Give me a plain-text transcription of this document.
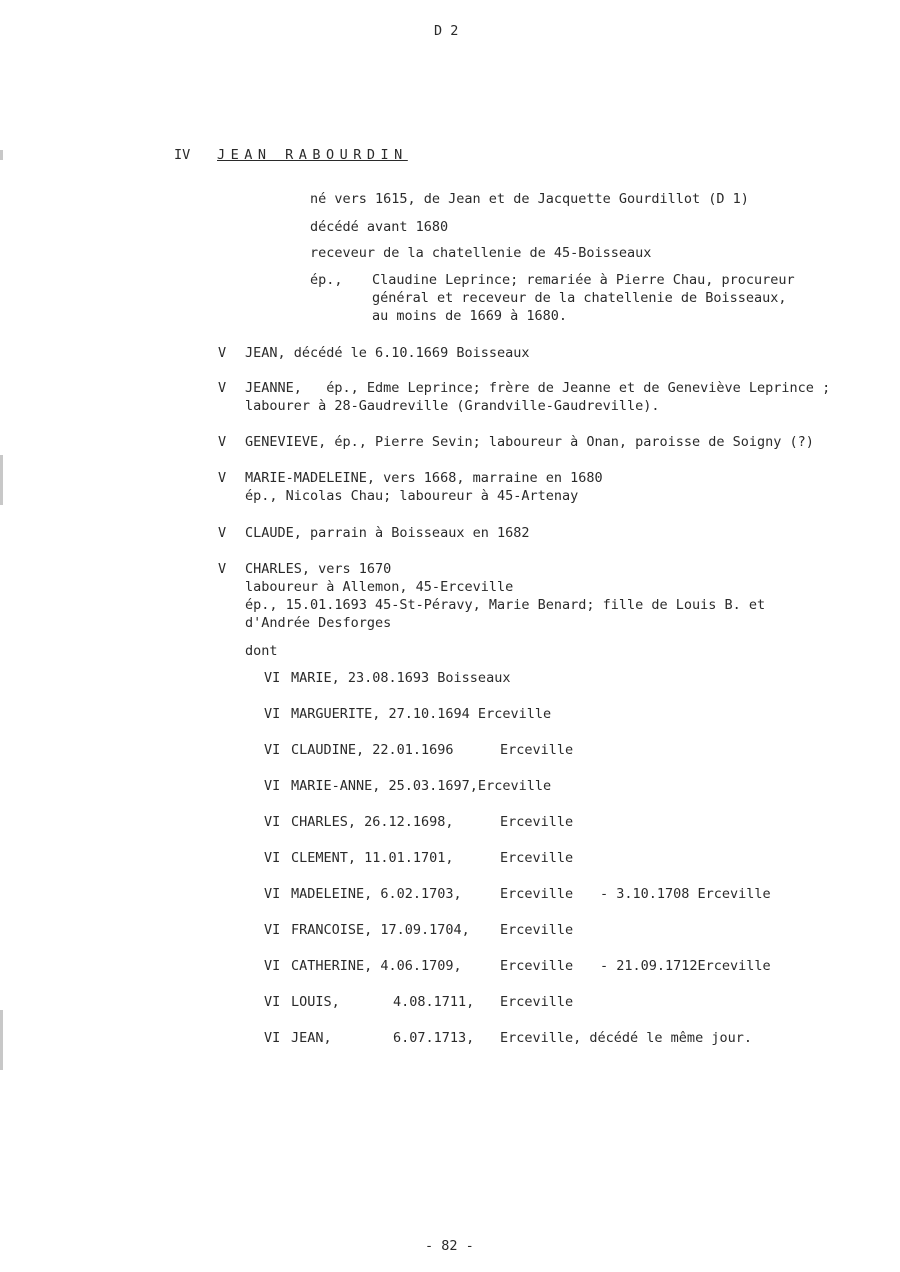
D 2
IV JEAN RABOURDIN
né vers 1615, de Jean et de Jacquette Gourdillot (D 1)
décédé avant 1680
receveur de la chatellenie de 45-Boisseaux
ép., Claudine Leprince; remariée à Pierre Chau, procureur
général et receveur de la chatellenie de Boisseaux,
au moins de 1669 à 1680.
V JEAN, décédé le 6.10.1669 Boisseaux
V JEANNE,   ép., Edme Leprince; frère de Jeanne et de Geneviève Leprince ;
labourer à 28-Gaudreville (Grandville-Gaudreville).
V GENEVIEVE, ép., Pierre Sevin; laboureur à Onan, paroisse de Soigny (?)
V MARIE-MADELEINE, vers 1668, marraine en 1680
ép., Nicolas Chau; laboureur à 45-Artenay
V CLAUDE, parrain à Boisseaux en 1682
V CHARLES, vers 1670
laboureur à Allemon, 45-Erceville
ép., 15.01.1693 45-St-Péravy, Marie Benard; fille de Louis B. et
d'Andrée Desforges
dont
VI MARIE, 23.08.1693 Boisseaux
VI MARGUERITE, 27.10.1694 Erceville
VI CLAUDINE, 22.01.1696	Erceville
VI MARIE-ANNE, 25.03.1697,Erceville
VI CHARLES, 26.12.1698,	Erceville
VI CLEMENT, 11.01.1701,	Erceville
VI MADELEINE, 6.02.1703,	Erceville - 3.10.1708 Erceville
VI FRANCOISE, 17.09.1704, Erceville
VI CATHERINE, 4.06.1709,	Erceville - 21.09.1712Erceville
VI LOUIS,	4.08.1711, Erceville
VI JEAN,	6.07.1713, Erceville, décédé le même jour.
- 82 -
